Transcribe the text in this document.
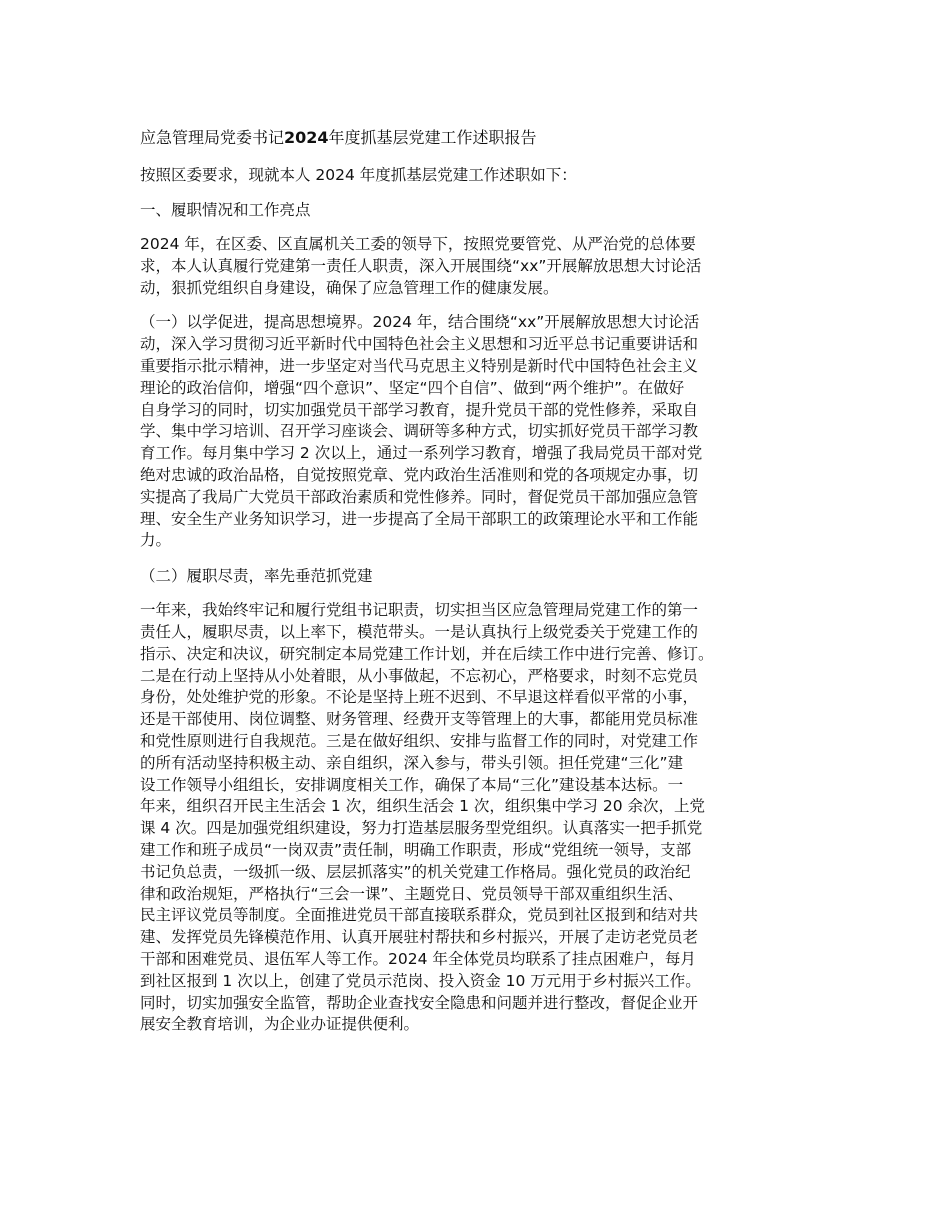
应急管理局党委书记2024年度抓基层党建工作述职报告
按照区委要求，现就本人 2024 年度抓基层党建工作述职如下：
一、履职情况和工作亮点
2024 年，在区委、区直属机关工委的领导下，按照党要管党、从严治党的总体要
求，本人认真履行党建第一责任人职责，深入开展围绕“xx”开展解放思想大讨论活
动，狠抓党组织自身建设，确保了应急管理工作的健康发展。
（一）以学促进，提高思想境界。2024 年，结合围绕“xx”开展解放思想大讨论活
动，深入学习贯彻习近平新时代中国特色社会主义思想和习近平总书记重要讲话和
重要指示批示精神，进一步坚定对当代马克思主义特别是新时代中国特色社会主义
理论的政治信仰，增强“四个意识”、坚定“四个自信”、做到“两个维护”。在做好
自身学习的同时，切实加强党员干部学习教育，提升党员干部的党性修养，采取自
学、集中学习培训、召开学习座谈会、调研等多种方式，切实抓好党员干部学习教
育工作。每月集中学习 2 次以上，通过一系列学习教育，增强了我局党员干部对党
绝对忠诚的政治品格，自觉按照党章、党内政治生活准则和党的各项规定办事，切
实提高了我局广大党员干部政治素质和党性修养。同时，督促党员干部加强应急管
理、安全生产业务知识学习，进一步提高了全局干部职工的政策理论水平和工作能
力。
（二）履职尽责，率先垂范抓党建
一年来，我始终牢记和履行党组书记职责，切实担当区应急管理局党建工作的第一
责任人，履职尽责，以上率下，模范带头。一是认真执行上级党委关于党建工作的
指示、决定和决议，研究制定本局党建工作计划，并在后续工作中进行完善、修订。
二是在行动上坚持从小处着眼，从小事做起，不忘初心，严格要求，时刻不忘党员
身份，处处维护党的形象。不论是坚持上班不迟到、不早退这样看似平常的小事，
还是干部使用、岗位调整、财务管理、经费开支等管理上的大事，都能用党员标准
和党性原则进行自我规范。三是在做好组织、安排与监督工作的同时，对党建工作
的所有活动坚持积极主动、亲自组织，深入参与，带头引领。担任党建“三化”建
设工作领导小组组长，安排调度相关工作，确保了本局“三化”建设基本达标。一
年来，组织召开民主生活会 1 次，组织生活会 1 次，组织集中学习 20 余次，上党
课 4 次。四是加强党组织建设，努力打造基层服务型党组织。认真落实一把手抓党
建工作和班子成员“一岗双责”责任制，明确工作职责，形成“党组统一领导，支部
书记负总责，一级抓一级、层层抓落实”的机关党建工作格局。强化党员的政治纪
律和政治规矩，严格执行“三会一课”、主题党日、党员领导干部双重组织生活、
民主评议党员等制度。全面推进党员干部直接联系群众，党员到社区报到和结对共
建、发挥党员先锋模范作用、认真开展驻村帮扶和乡村振兴，开展了走访老党员老
干部和困难党员、退伍军人等工作。2024 年全体党员均联系了挂点困难户，每月
到社区报到 1 次以上，创建了党员示范岗、投入资金 10 万元用于乡村振兴工作。
同时，切实加强安全监管，帮助企业查找安全隐患和问题并进行整改，督促企业开
展安全教育培训，为企业办证提供便利。
